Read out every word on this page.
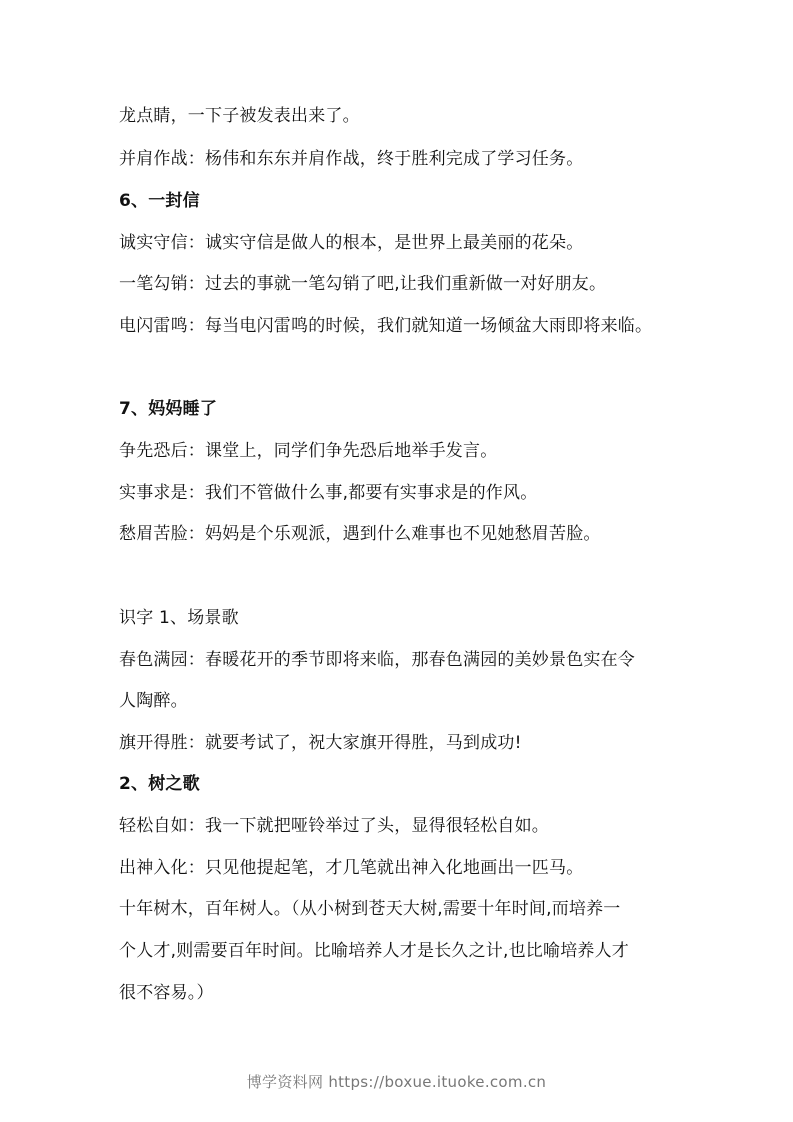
龙点睛，一下子被发表出来了。
并肩作战：杨伟和东东并肩作战，终于胜利完成了学习任务。
6、一封信
诚实守信：诚实守信是做人的根本，是世界上最美丽的花朵。
一笔勾销：过去的事就一笔勾销了吧,让我们重新做一对好朋友。
电闪雷鸣：每当电闪雷鸣的时候，我们就知道一场倾盆大雨即将来临。
7、妈妈睡了
争先恐后：课堂上，同学们争先恐后地举手发言。
实事求是：我们不管做什么事,都要有实事求是的作风。
愁眉苦脸：妈妈是个乐观派，遇到什么难事也不见她愁眉苦脸。
识字 1、场景歌
春色满园：春暖花开的季节即将来临，那春色满园的美妙景色实在令
人陶醉。
旗开得胜：就要考试了，祝大家旗开得胜，马到成功!
2、树之歌
轻松自如：我一下就把哑铃举过了头，显得很轻松自如。
出神入化：只见他提起笔，才几笔就出神入化地画出一匹马。
十年树木，百年树人。（从小树到苍天大树,需要十年时间,而培养一
个人才,则需要百年时间。比喻培养人才是长久之计,也比喻培养人才
很不容易。）
博学资料网 https://boxue.ituoke.com.cn
